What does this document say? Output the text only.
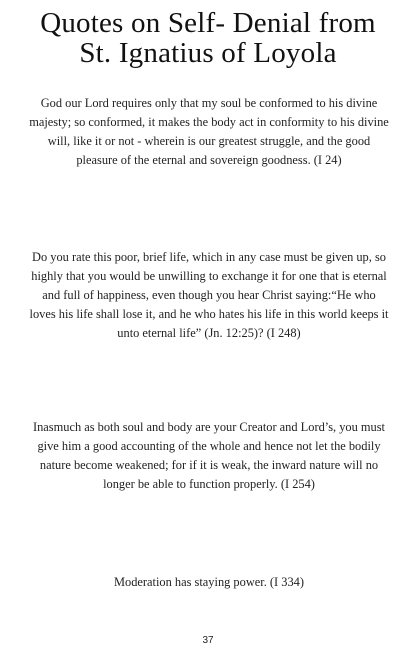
Quotes on Self- Denial from
St. Ignatius of Loyola

God our Lord requires only that my soul be conformed to his divine majesty; so conformed, it makes the body act in conformity to his divine will, like it or not - wherein is our greatest struggle, and the good pleasure of the eternal and sovereign goodness. (I 24)

Do you rate this poor, brief life, which in any case must be given up, so highly that you would be unwilling to exchange it for one that is eternal and full of happiness, even though you hear Christ saying:“He who loves his life shall lose it, and he who hates his life in this world keeps it unto eternal life” (Jn. 12:25)? (I 248)

Inasmuch as both soul and body are your Creator and Lord’s, you must give him a good accounting of the whole and hence not let the bodily nature become weakened; for if it is weak, the inward nature will no longer be able to function properly. (I 254)

Moderation has staying power. (I 334)

37
